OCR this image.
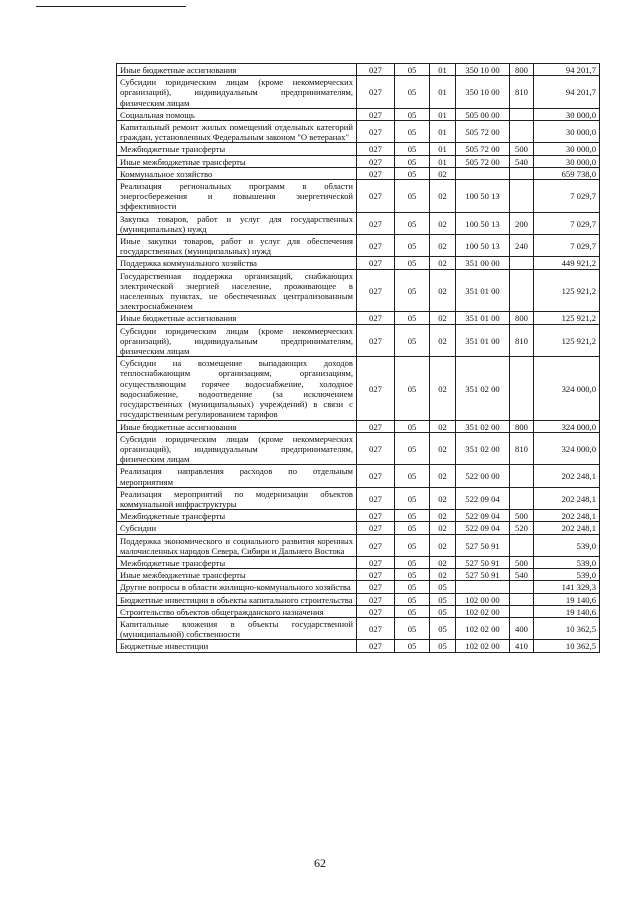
Иные бюджетные ассигнования	027	05	01	350 10 00	800	94 201,7
Субсидии юридическим лицам (кроме некоммерческих организаций), индивидуальным предпринимателям, физическим лицам	027	05	01	350 10 00	810	94 201,7
Социальная помощь	027	05	01	505 00 00		30 000,0
Капитальный ремонт жилых помещений отдельных категорий граждан, установленных Федеральным законом "О ветеранах"	027	05	01	505 72 00		30 000,0
Межбюджетные трансферты	027	05	01	505 72 00	500	30 000,0
Иные межбюджетные трансферты	027	05	01	505 72 00	540	30 000,0
Коммунальное хозяйство	027	05	02			659 738,0
Реализация региональных программ в области энергосбережения и повышения энергетической эффективности	027	05	02	100 50 13		7 029,7
Закупка товаров, работ и услуг для государственных (муниципальных) нужд	027	05	02	100 50 13	200	7 029,7
Иные закупки товаров, работ и услуг для обеспечения государственных (муниципальных) нужд	027	05	02	100 50 13	240	7 029,7
Поддержка коммунального хозяйства	027	05	02	351 00 00		449 921,2
Государственная поддержка организаций, снабжающих электрической энергией население, проживающее в населенных пунктах, не обеспеченных централизованным электроснабжением	027	05	02	351 01 00		125 921,2
Иные бюджетные ассигнования	027	05	02	351 01 00	800	125 921,2
Субсидии юридическим лицам (кроме некоммерческих организаций), индивидуальным предпринимателям, физическим лицам	027	05	02	351 01 00	810	125 921,2
Субсидии на возмещение выпадающих доходов теплоснабжающим организациям, организациям, осуществляющим горячее водоснабжение, холодное водоснабжение, водоотведение (за исключением государственных (муниципальных) учреждений) в связи с государственным регулированием тарифов	027	05	02	351 02 00		324 000,0
Иные бюджетные ассигнования	027	05	02	351 02 00	800	324 000,0
Субсидии юридическим лицам (кроме некоммерческих организаций), индивидуальным предпринимателям, физическим лицам	027	05	02	351 02 00	810	324 000,0
Реализация направления расходов по отдельным мероприятиям	027	05	02	522 00 00		202 248,1
Реализация мероприятий по модернизации объектов коммунальной инфраструктуры	027	05	02	522 09 04		202 248,1
Межбюджетные трансферты	027	05	02	522 09 04	500	202 248,1
Субсидии	027	05	02	522 09 04	520	202 248,1
Поддержка экономического и социального развития коренных малочисленных народов Севера, Сибири и Дальнего Востока	027	05	02	527 50 91		539,0
Межбюджетные трансферты	027	05	02	527 50 91	500	539,0
Иные межбюджетные трансферты	027	05	02	527 50 91	540	539,0
Другие вопросы в области жилищно-коммунального хозяйства	027	05	05			141 329,3
Бюджетные инвестиции в объекты капитального строительства	027	05	05	102 00 00		19 140,6
Строительство объектов общегражданского назначения	027	05	05	102 02 00		19 140,6
Капитальные вложения в объекты государственной (муниципальной) собственности	027	05	05	102 02 00	400	10 362,5
Бюджетные инвестиции	027	05	05	102 02 00	410	10 362,5
62
